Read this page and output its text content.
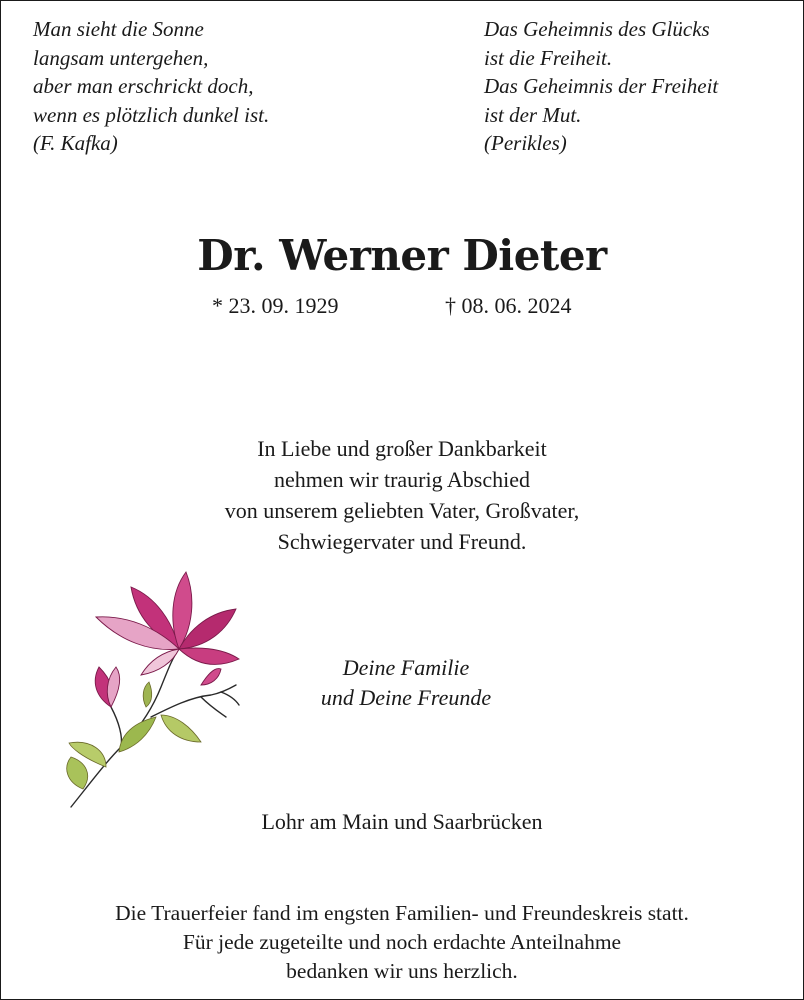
Man sieht die Sonne
langsam untergehen,
aber man erschrickt doch,
wenn es plötzlich dunkel ist.
(F. Kafka)
Das Geheimnis des Glücks
ist die Freiheit.
Das Geheimnis der Freiheit
ist der Mut.
(Perikles)
Dr. Werner Dieter
* 23. 09. 1929	† 08. 06. 2024
In Liebe und großer Dankbarkeit
nehmen wir traurig Abschied
von unserem geliebten Vater, Großvater,
Schwiegervater und Freund.
Deine Familie
und Deine Freunde
Lohr am Main und Saarbrücken
Die Trauerfeier fand im engsten Familien- und Freundeskreis statt.
Für jede zugeteilte und noch erdachte Anteilnahme
bedanken wir uns herzlich.
